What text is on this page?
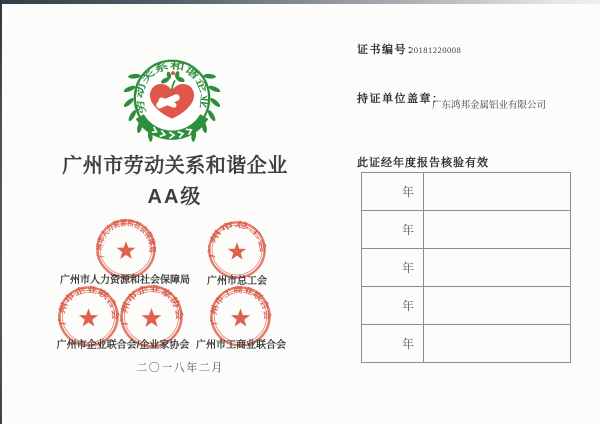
劳动关系和谐企业
广州市劳动关系和谐企业
AA级
广州市人力资源和社会保障局
广州市总工会
广州市人力资源和社会保障局	广州市总工会
广州市企业联合会
广州市企业家协会
广州市工商业联合会
广州市企业联合会/企业家协会 广州市工商业联合会
二〇一八年二月
证书编号：
20181220008
持证单位盖章：
广东鸿邦金属铝业有限公司
此证经年度报告核验有效
年	
年	
年	
年	
年	
